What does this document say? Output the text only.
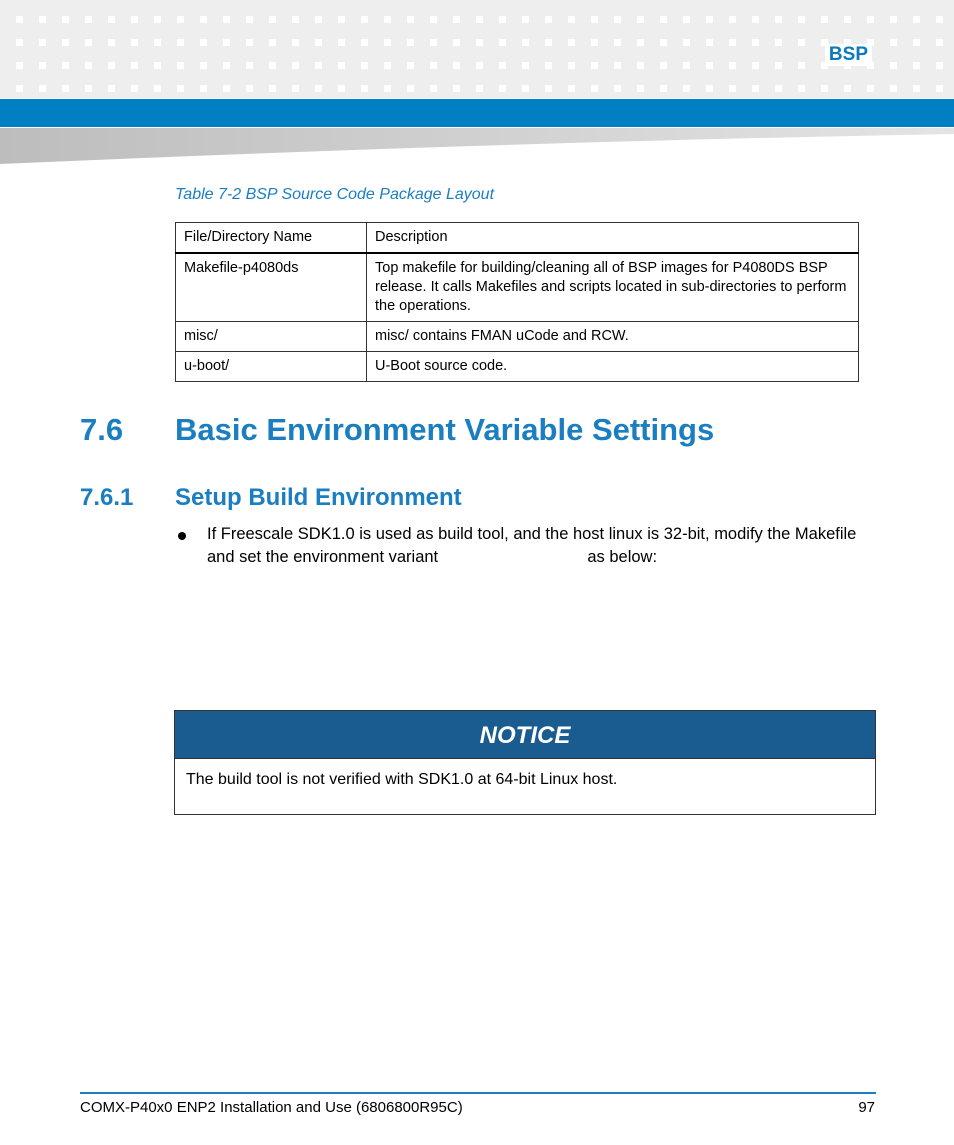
BSP
Table 7-2 BSP Source Code Package Layout
File/Directory Name	Description
Makefile-p4080ds	Top makefile for building/cleaning all of BSP images for P4080DS BSP release. It calls Makefiles and scripts located in sub-directories to perform the operations.
misc/	misc/ contains FMAN uCode and RCW.
u-boot/	U-Boot source code.
7.6 Basic Environment Variable Settings
7.6.1 Setup Build Environment
If Freescale SDK1.0 is used as build tool, and the host linux is 32-bit, modify the Makefile and set the environment variant	as below:
NOTICE
The build tool is not verified with SDK1.0 at 64-bit Linux host.
COMX-P40x0 ENP2 Installation and Use (6806800R95C)	97
